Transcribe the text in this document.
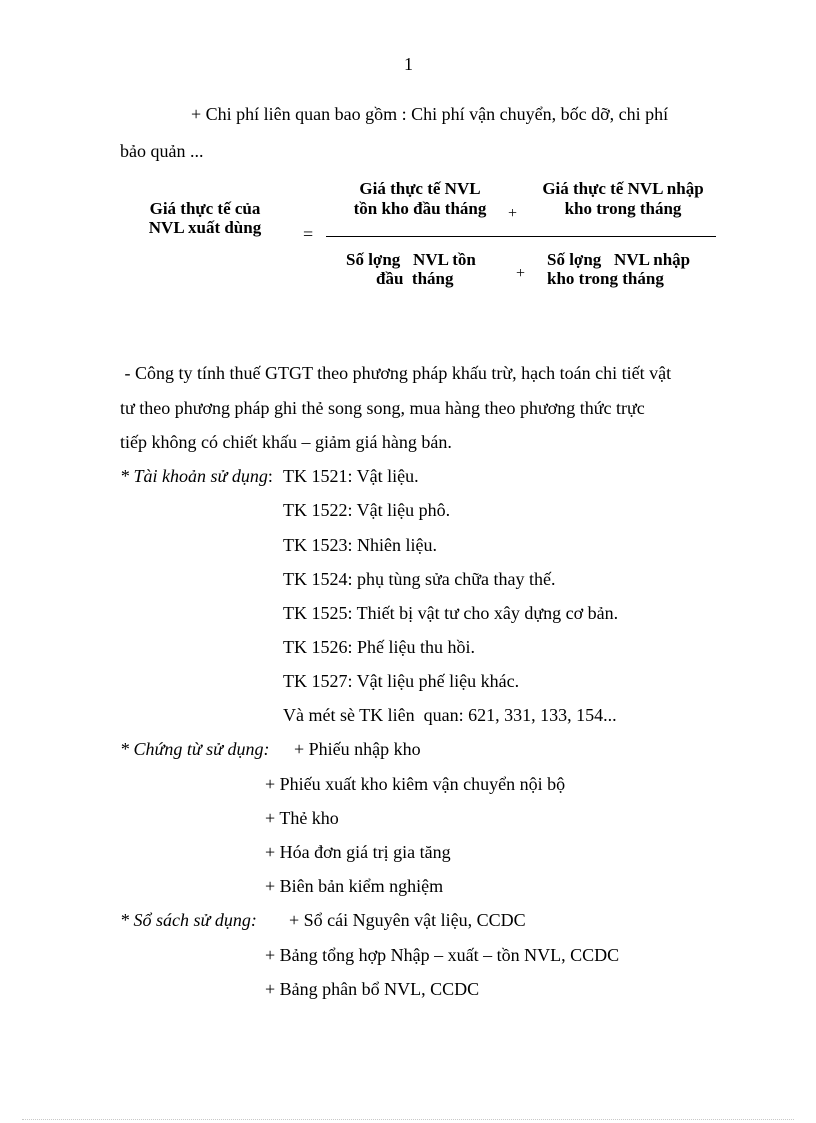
1
+ Chi phí liên quan bao gồm : Chi phí vận chuyển, bốc dỡ, chi phí
bảo quản ...
Giá thực tế của
NVL xuất dùng	=
Giá thực tế NVL
tồn kho đầu tháng	+
Giá thực tế NVL nhập
kho trong tháng
Số lợng   NVL tồn
đầu  tháng	+
Số lợng   NVL nhập
kho trong tháng
- Công ty tính thuế GTGT theo phương pháp khấu trừ, hạch toán chi tiết vật
tư theo phương pháp ghi thẻ song song, mua hàng theo phương thức trực
tiếp không có chiết khấu – giảm giá hàng bán.
* Tài khoản sử dụng: TK 1521: Vật liệu.
TK 1522: Vật liệu phô.
TK 1523: Nhiên liệu.
TK 1524: phụ tùng sửa chữa thay thế.
TK 1525: Thiết bị vật tư cho xây dựng cơ bản.
TK 1526: Phế liệu thu hồi.
TK 1527: Vật liệu phế liệu khác.
Và mét sè TK liên  quan: 621, 331, 133, 154...
* Chứng từ sử dụng: + Phiếu nhập kho
+ Phiếu xuất kho kiêm vận chuyển nội bộ
+ Thẻ kho
+ Hóa đơn giá trị gia tăng
+ Biên bản kiểm nghiệm
* Sổ sách sử dụng: + Sổ cái Nguyên vật liệu, CCDC
+ Bảng tổng hợp Nhập – xuất – tồn NVL, CCDC
+ Bảng phân bổ NVL, CCDC
